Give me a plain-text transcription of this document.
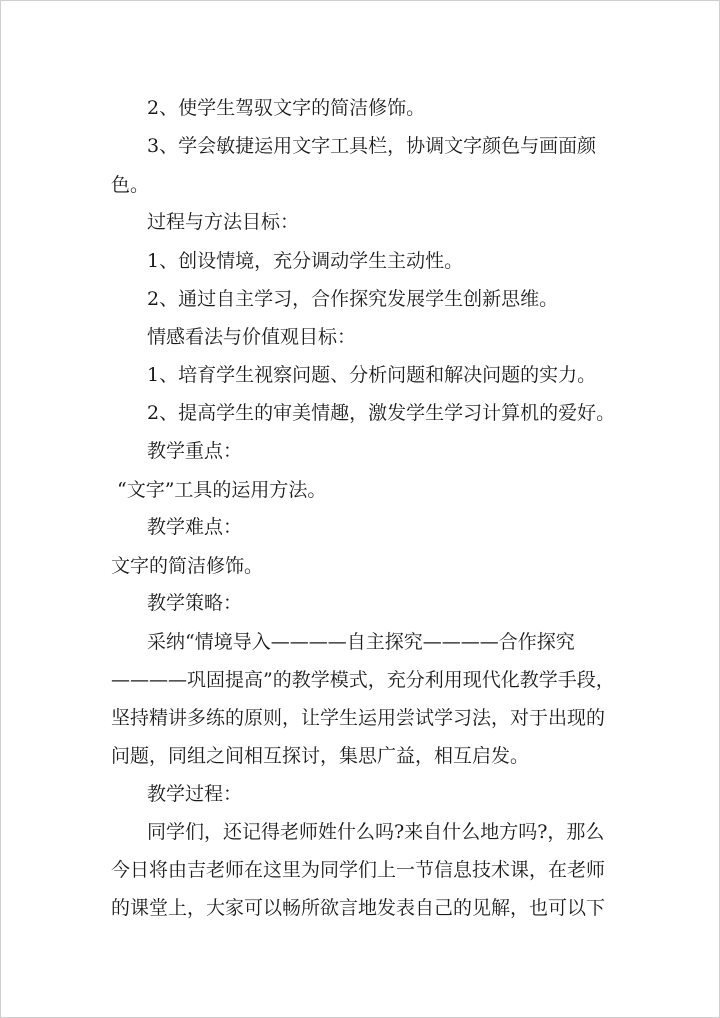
2、使学生驾驭文字的简洁修饰。

3、学会敏捷运用文字工具栏，协调文字颜色与画面颜

色。

过程与方法目标：

1、创设情境，充分调动学生主动性。

2、通过自主学习，合作探究发展学生创新思维。

情感看法与价值观目标：

1、培育学生视察问题、分析问题和解决问题的实力。

2、提高学生的审美情趣，激发学生学习计算机的爱好。

教学重点：

“文字”工具的运用方法。

教学难点：

文字的简洁修饰。

教学策略：

采纳“情境导入————自主探究————合作探究

————巩固提高”的教学模式，充分利用现代化教学手段，

坚持精讲多练的原则，让学生运用尝试学习法，对于出现的

问题，同组之间相互探讨，集思广益，相互启发。

教学过程：

同学们，还记得老师姓什么吗?来自什么地方吗?，那么

今日将由吉老师在这里为同学们上一节信息技术课，在老师

的课堂上，大家可以畅所欲言地发表自己的见解，也可以下
